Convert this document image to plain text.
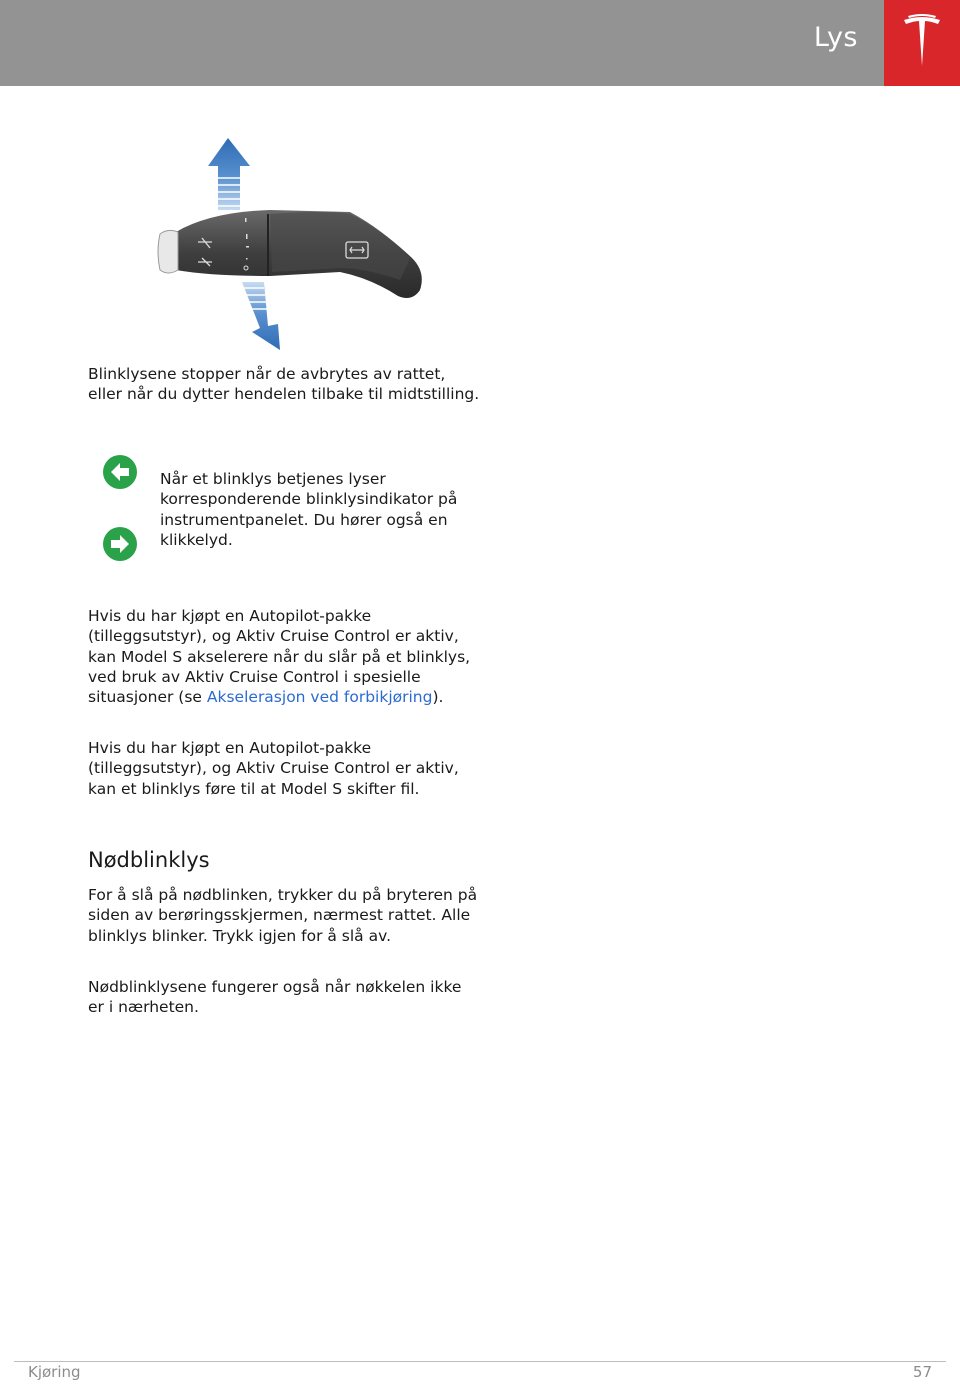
Lys

Blinklysene stopper når de avbrytes av rattet, eller når du dytter hendelen tilbake til midtstilling.

Når et blinklys betjenes lyser korresponderende blinklysindikator på instrumentpanelet. Du hører også en klikkelyd.

Hvis du har kjøpt en Autopilot-pakke (tilleggsutstyr), og Aktiv Cruise Control er aktiv, kan Model S akselerere når du slår på et blinklys, ved bruk av Aktiv Cruise Control i spesielle situasjoner (se Akselerasjon ved forbikjøring).

Hvis du har kjøpt en Autopilot-pakke (tilleggsutstyr), og Aktiv Cruise Control er aktiv, kan et blinklys føre til at Model S skifter fil.

Nødblinklys

For å slå på nødblinken, trykker du på bryteren på siden av berøringsskjermen, nærmest rattet. Alle blinklys blinker. Trykk igjen for å slå av.

Nødblinklysene fungerer også når nøkkelen ikke er i nærheten.

Kjøring	57
